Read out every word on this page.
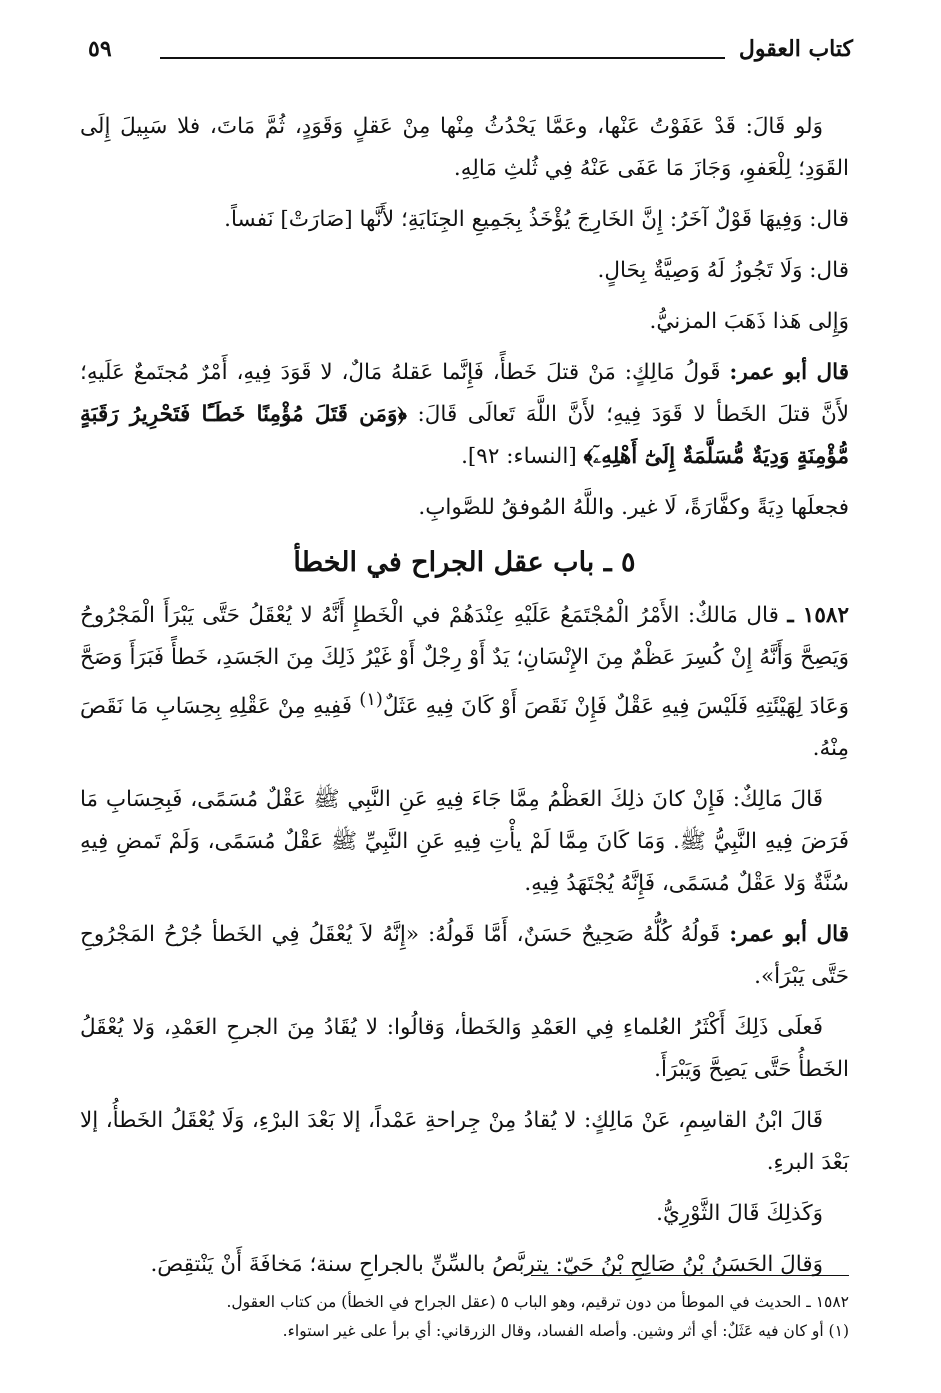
كتاب العقول
٥٩

وَلو قَالَ: قَدْ عَفَوْتُ عَنْها، وعَمَّا يَحْدُثُ مِنْها مِنْ عَقلٍ وَقَوَدٍ، ثُمَّ مَاتَ، فلا سَبِيلَ إِلَى القَوَدِ؛ لِلْعَفوِ، وَجَازَ مَا عَفَى عَنْهُ فِي ثُلثِ مَالِهِ.

قال: وَفِيهَا قَوْلٌ آخَرُ: إِنَّ الخَارِجَ يُؤْخَذُ بِجَمِيعِ الجِنَايَةِ؛ لأَنَّها [صَارَتْ] نَفساً.

قال: وَلَا تَجُوزُ لَهُ وَصِيَّةٌ بِحَالٍ.

وَإِلى هَذا ذَهَبَ المزنيُّ.

قال أبو عمر: قَولُ مَالِكٍ: مَنْ قتلَ خَطأً، فَإِنَّما عَقلهُ مَالٌ، لا قَوَدَ فِيهِ، أَمْرٌ مُجتَمعٌ عَلَيهِ؛ لأَنَّ قتلَ الخَطأ لا قَوَدَ فِيهِ؛ لأَنَّ اللَّهَ تَعالَى قَالَ: ﴿وَمَن قَتَلَ مُؤْمِنًا خَطَـًٔا فَتَحْرِيرُ رَقَبَةٍ مُّؤْمِنَةٍ وَدِيَةٌ مُّسَلَّمَةٌ إِلَىٰٓ أَهْلِهِۦٓ﴾ [النساء: ٩٢].

فجعلَها دِيَةً وكفَّارَةً، لَا غير. واللَّهُ المُوفقُ للصَّوابِ.

٥ ـ باب عقل الجراح في الخطأ

١٥٨٢ ـ قال مَالكٌ: الأَمْرُ الْمُجْتَمَعُ عَلَيْهِ عِنْدَهُمْ في الْخَطإِ أَنَّهُ لا يُعْقَلُ حَتَّى يَبْرَأَ الْمَجْرُوحُ وَيَصِحَّ وَأَنَّهُ إِنْ كُسِرَ عَظْمٌ مِنَ الإِنْسَانِ؛ يَدٌ أَوْ رِجْلٌ أَوْ غَيْرُ ذَلِكَ مِنَ الجَسَدِ، خَطأً فَبَرَأَ وَصَحَّ وَعَادَ لِهَيْئَتِهِ فَلَيْسَ فِيهِ عَقْلٌ فَإِنْ نَقَصَ أَوْ كَانَ فِيهِ عَثَلٌ$^{(١)}$ فَفِيهِ مِنْ عَقْلِهِ بِحِسَابِ مَا نَقَصَ مِنْهُ.

قَالَ مَالِكٌ: فَإِنْ كانَ ذلِكَ العَظْمُ مِمَّا جَاءَ فِيهِ عَنِ النَّبِي ﷺ عَقْلٌ مُسَمًى، فَبِحِسَابِ مَا فَرَضَ فِيهِ النَّبِيُّ ﷺ. وَمَا كَانَ مِمَّا لَمْ يأْتِ فِيهِ عَنِ النَّبِيِّ ﷺ عَقْلٌ مُسَمًى، وَلَمْ تَمضِ فِيهِ سُنَّةٌ وَلا عَقْلٌ مُسَمًى، فَإِنَّهُ يُجْتَهَدُ فِيهِ.

قال أبو عمر: قَولُهُ كُلُّهُ صَحِيحٌ حَسَنٌ، أَمَّا قَولُهُ: «إِنَّهُ لاَ يُعْقَلُ فِي الخَطأ جُرْحُ المَجْرُوحِ حَتَّى يَبْرَأ».

فَعلَى ذَلِكَ أَكْثَرُ العُلماءِ فِي العَمْدِ وَالخَطأ، وَقالُوا: لا يُقَادُ مِنَ الجرحِ العَمْدِ، وَلا يُعْقَلُ الخَطأُ حَتَّى يَصِحَّ وَيَبْرَأَ.

قَالَ ابْنُ القاسِمِ، عَنْ مَالِكٍ: لا يُقادُ مِنْ جِراحةِ عَمْداً، إلا بَعْدَ البرْءِ، وَلَا يُعْقَلُ الخَطأُ، إلا بَعْدَ البرءِ.

وَكَذلِكَ قَالَ الثَّوْرِيُّ.

وَقالَ الحَسَنُ بْنُ صَالِحِ بْنُ حَيّ: يتربَّصُ بالسِّنِّ بالجراحِ سنة؛ مَخافَةَ أَنْ يَنْتقِصَ.

١٥٨٢ ـ الحديث في الموطأ من دون ترقيم، وهو الباب ٥ (عقل الجراح في الخطأ) من كتاب العقول.

(١) أو كان فيه عَثَلٌ: أي أثر وشين. وأصله الفساد، وقال الزرقاني: أي برأ على غير استواء.
